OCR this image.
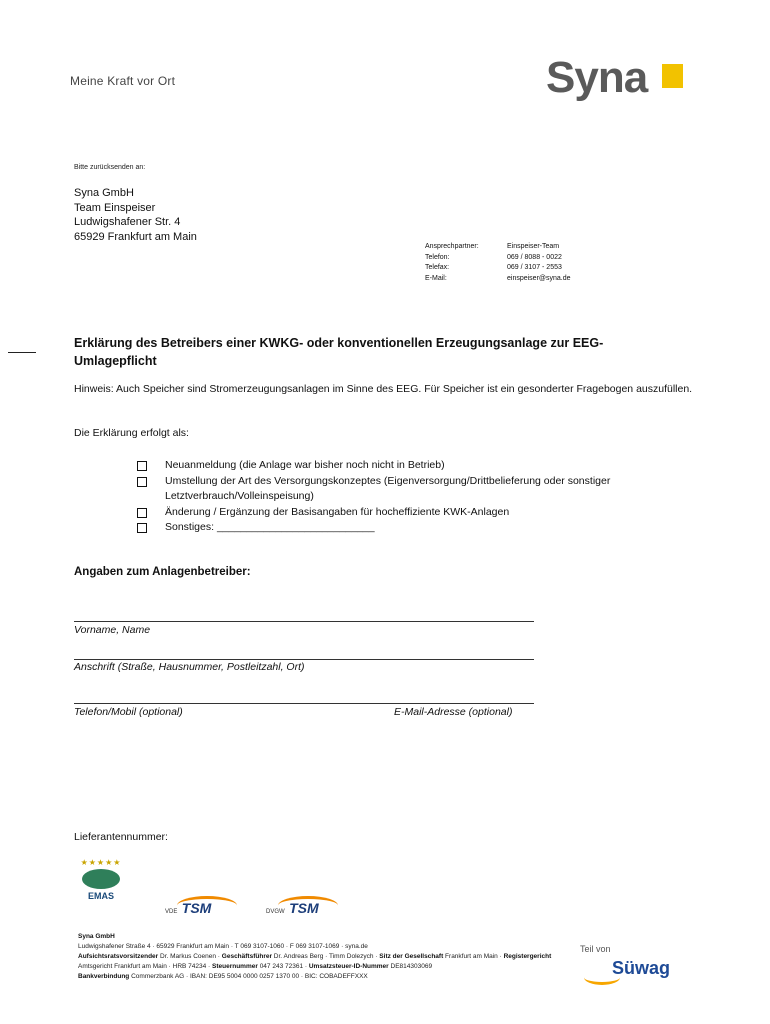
Meine Kraft vor Ort	Syna
Bitte zurücksenden an:
Syna GmbH
Team Einspeiser
Ludwigshafener Str. 4
65929 Frankfurt am Main
Ansprechpartner:	Einspeiser-Team
Telefon:	069 / 8088 - 0022
Telefax:	069 / 3107 - 2553
E-Mail:	einspeiser@syna.de
Erklärung des Betreibers einer KWKG- oder konventionellen Erzeugungsanlage zur EEG-Umlagepflicht
Hinweis: Auch Speicher sind Stromerzeugungsanlagen im Sinne des EEG. Für Speicher ist ein gesonderter Fragebogen auszufüllen.
Die Erklärung erfolgt als:
Neuanmeldung (die Anlage war bisher noch nicht in Betrieb)
Umstellung der Art des Versorgungskonzeptes (Eigenversorgung/Drittbelieferung oder sonstiger Letztverbrauch/Volleinspeisung)
Änderung / Ergänzung der Basisangaben für hocheffiziente KWK-Anlagen
Sonstiges: ___________________________
Angaben zum Anlagenbetreiber:
Vorname, Name
Anschrift (Straße, Hausnummer, Postleitzahl, Ort)
Telefon/Mobil (optional)	E-Mail-Adresse (optional)
Lieferantennummer:
★★★★★
EMAS
VDE TSM	DVGW TSM
Syna GmbH
Ludwigshafener Straße 4 · 65929 Frankfurt am Main · T 069 3107-1060 · F 069 3107-1069 · syna.de
Aufsichtsratsvorsitzender Dr. Markus Coenen · Geschäftsführer Dr. Andreas Berg · Timm Dolezych · Sitz der Gesellschaft Frankfurt am Main · Registergericht Amtsgericht Frankfurt am Main · HRB 74234 · Steuernummer 047 243 72361 · Umsatzsteuer-ID-Nummer DE814303069
Bankverbindung Commerzbank AG · IBAN: DE95 5004 0000 0257 1370 00 · BIC: COBADEFFXXX
Teil von
Süwag
